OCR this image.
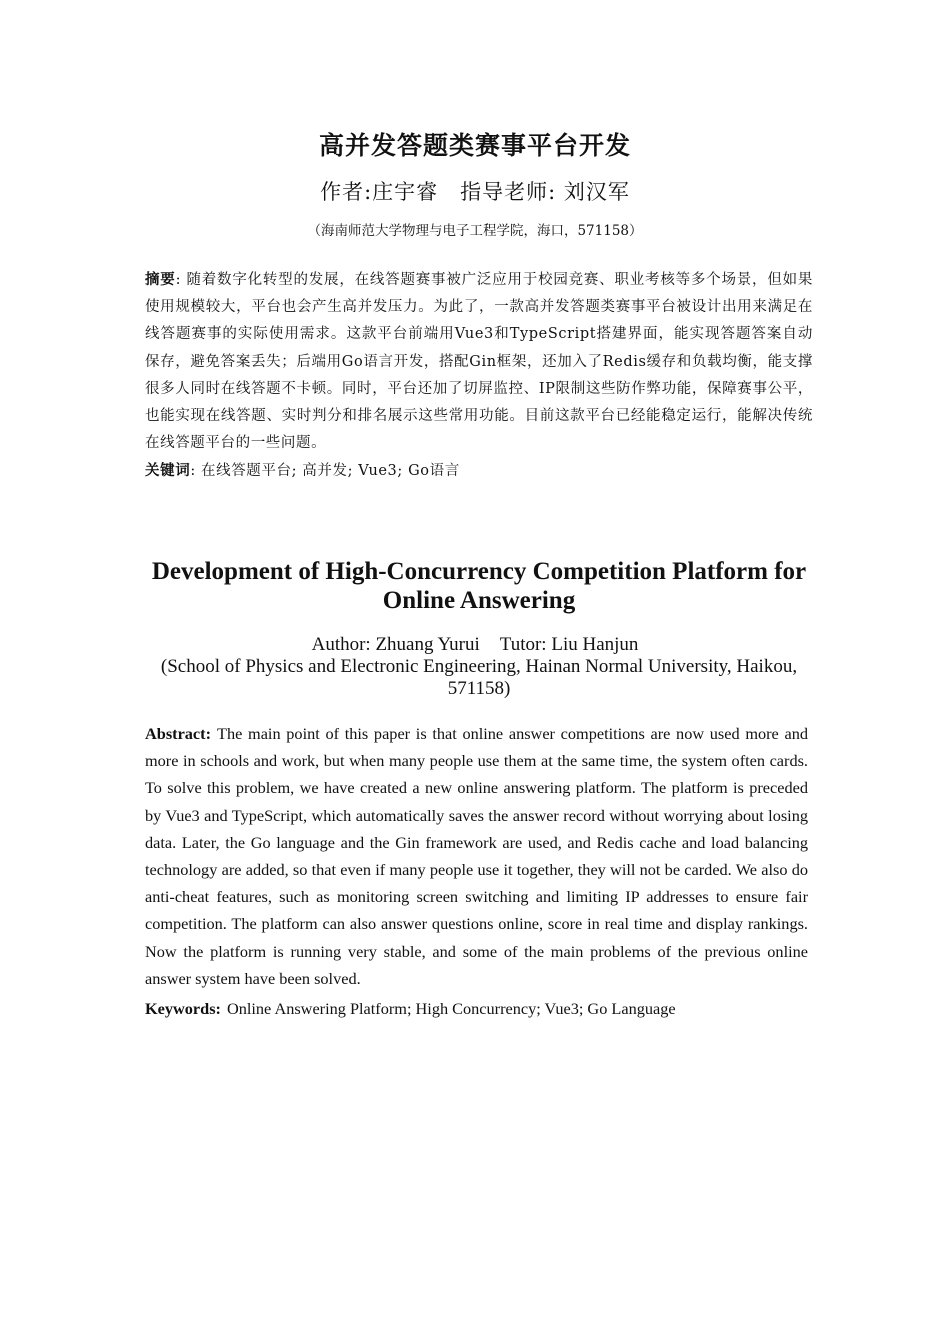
高并发答题类赛事平台开发
作者:庄宇睿 指导老师: 刘汉军
（海南师范大学物理与电子工程学院，海口，571158）
摘要: 随着数字化转型的发展，在线答题赛事被广泛应用于校园竞赛、职业考核等多个场景，但如果使用规模较大，平台也会产生高并发压力。为此了，一款高并发答题类赛事平台被设计出用来满足在线答题赛事的实际使用需求。这款平台前端用Vue3和TypeScript搭建界面，能实现答题答案自动保存，避免答案丢失；后端用Go语言开发，搭配Gin框架，还加入了Redis缓存和负载均衡，能支撑很多人同时在线答题不卡顿。同时，平台还加了切屏监控、IP限制这些防作弊功能，保障赛事公平，也能实现在线答题、实时判分和排名展示这些常用功能。目前这款平台已经能稳定运行，能解决传统在线答题平台的一些问题。
关键词: 在线答题平台; 高并发; Vue3; Go语言
Development of High-Concurrency Competition Platform for Online Answering
Author: Zhuang Yurui Tutor: Liu Hanjun
(School of Physics and Electronic Engineering, Hainan Normal University, Haikou, 571158)
Abstract: The main point of this paper is that online answer competitions are now used more and more in schools and work, but when many people use them at the same time, the system often cards. To solve this problem, we have created a new online answering platform. The platform is preceded by Vue3 and TypeScript, which automatically saves the answer record without worrying about losing data. Later, the Go language and the Gin framework are used, and Redis cache and load balancing technology are added, so that even if many people use it together, they will not be carded. We also do anti-cheat features, such as monitoring screen switching and limiting IP addresses to ensure fair competition. The platform can also answer questions online, score in real time and display rankings. Now the platform is running very stable, and some of the main problems of the previous online answer system have been solved.
Keywords: Online Answering Platform; High Concurrency; Vue3; Go Language
